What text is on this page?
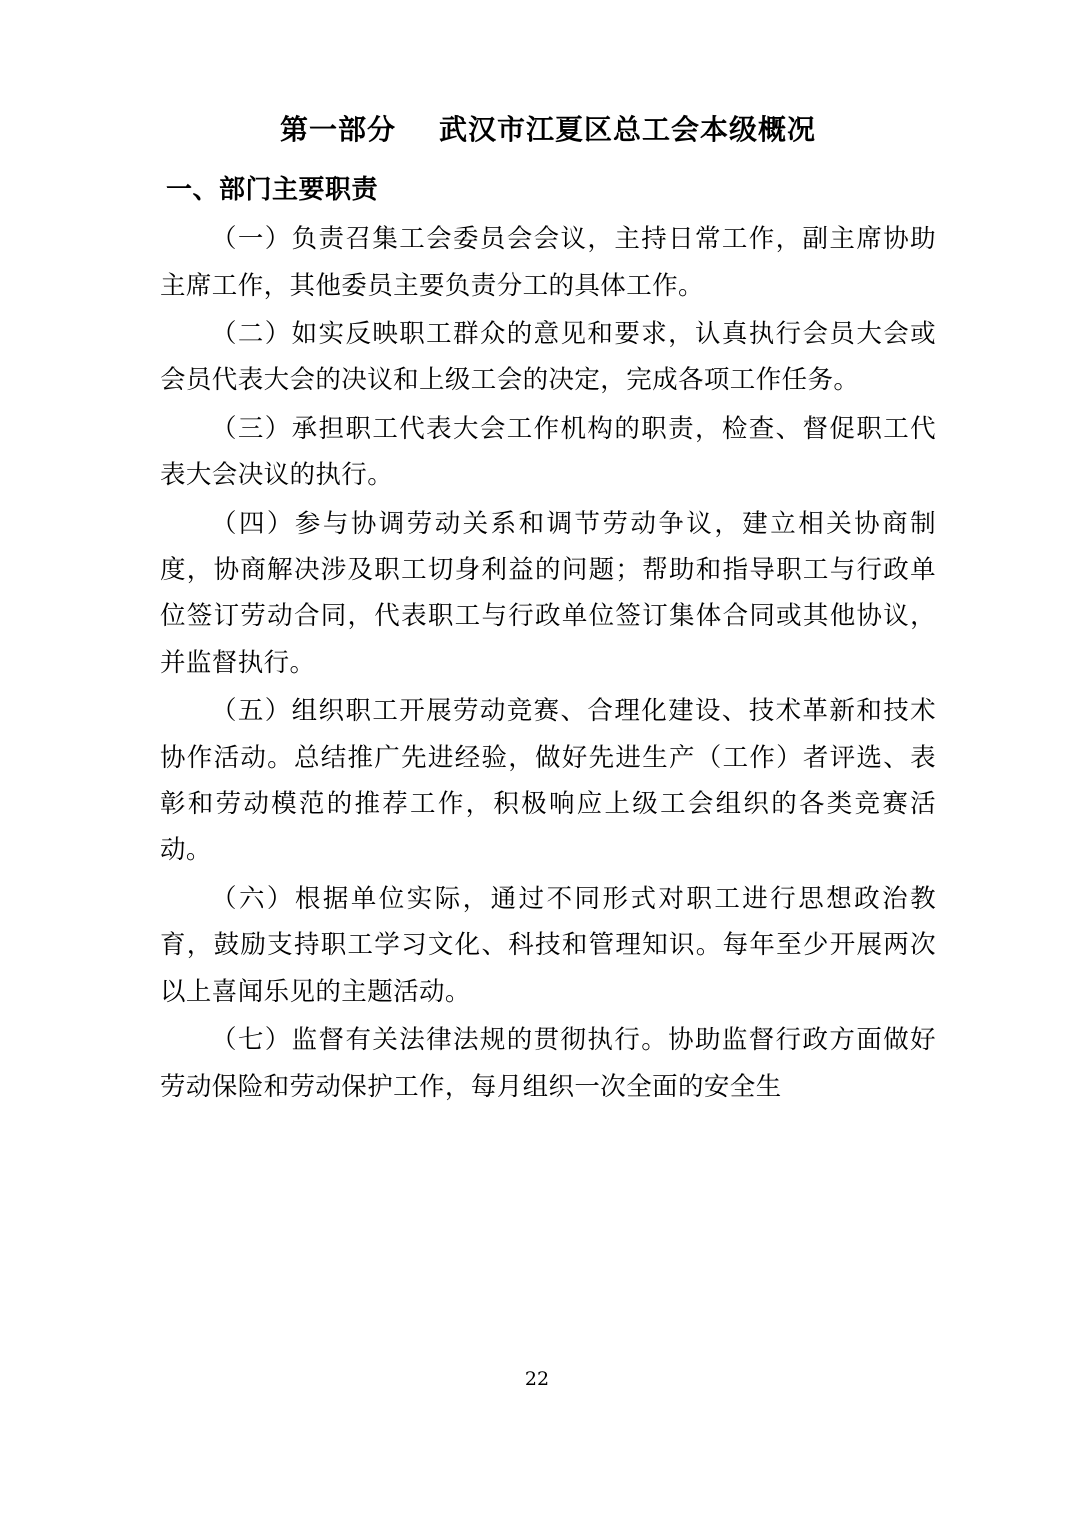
第一部分    武汉市江夏区总工会本级概况
一、部门主要职责

（一）负责召集工会委员会会议，主持日常工作，副主席协助主席工作，其他委员主要负责分工的具体工作。

（二）如实反映职工群众的意见和要求，认真执行会员大会或会员代表大会的决议和上级工会的决定，完成各项工作任务。

（三）承担职工代表大会工作机构的职责，检查、督促职工代表大会决议的执行。

（四）参与协调劳动关系和调节劳动争议，建立相关协商制度，协商解决涉及职工切身利益的问题；帮助和指导职工与行政单位签订劳动合同，代表职工与行政单位签订集体合同或其他协议，并监督执行。

（五）组织职工开展劳动竞赛、合理化建设、技术革新和技术协作活动。总结推广先进经验，做好先进生产（工作）者评选、表彰和劳动模范的推荐工作，积极响应上级工会组织的各类竞赛活动。

（六）根据单位实际，通过不同形式对职工进行思想政治教育，鼓励支持职工学习文化、科技和管理知识。每年至少开展两次以上喜闻乐见的主题活动。

（七）监督有关法律法规的贯彻执行。协助监督行政方面做好劳动保险和劳动保护工作，每月组织一次全面的安全生

22
